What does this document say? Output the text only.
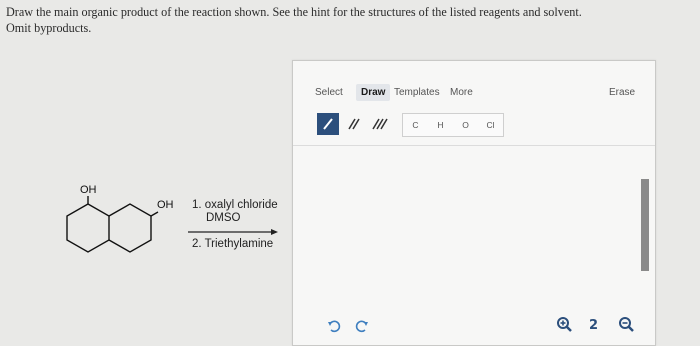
Draw the main organic product of the reaction shown. See the hint for the structures of the listed reagents and solvent.
Omit byproducts.
OH
OH 1. oxalyl chloride
DMSO
2. Triethylamine
Select	Draw Templates More	Erase
C	H	O	Cl
2
